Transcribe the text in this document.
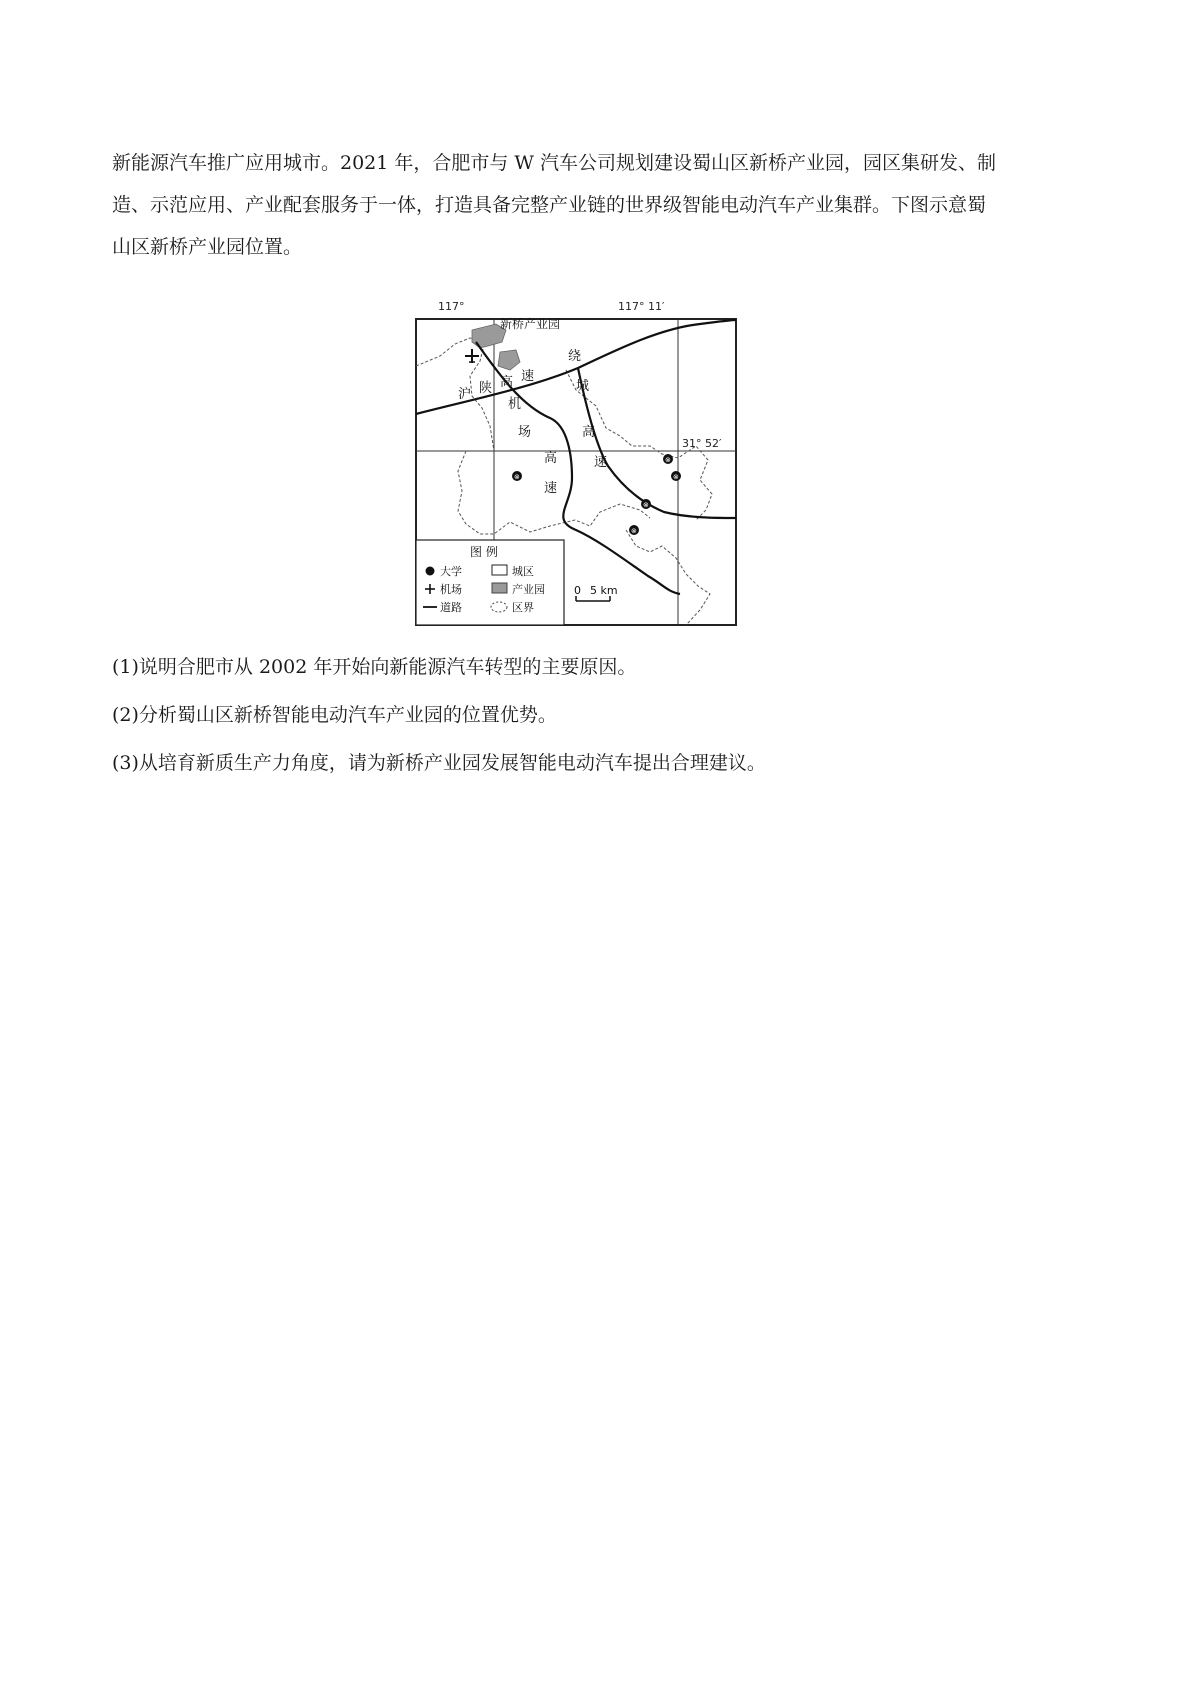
新能源汽车推广应用城市。2021 年，合肥市与 W 汽车公司规划建设蜀山区新桥产业园，园区集研发、制
造、示范应用、产业配套服务于一体，打造具备完整产业链的世界级智能电动汽车产业集群。下图示意蜀
山区新桥产业园位置。
117°	117° 11′
新桥产业园
沪 陕 高 速
机
场
高
速
绕
城
高
速
31° 52′
⊗
⊗
⊗
⊗
⊗
图 例
大学	城区
机场	产业园
道路	区界
0 5 km
(1)说明合肥市从 2002 年开始向新能源汽车转型的主要原因。
(2)分析蜀山区新桥智能电动汽车产业园的位置优势。
(3)从培育新质生产力角度，请为新桥产业园发展智能电动汽车提出合理建议。
